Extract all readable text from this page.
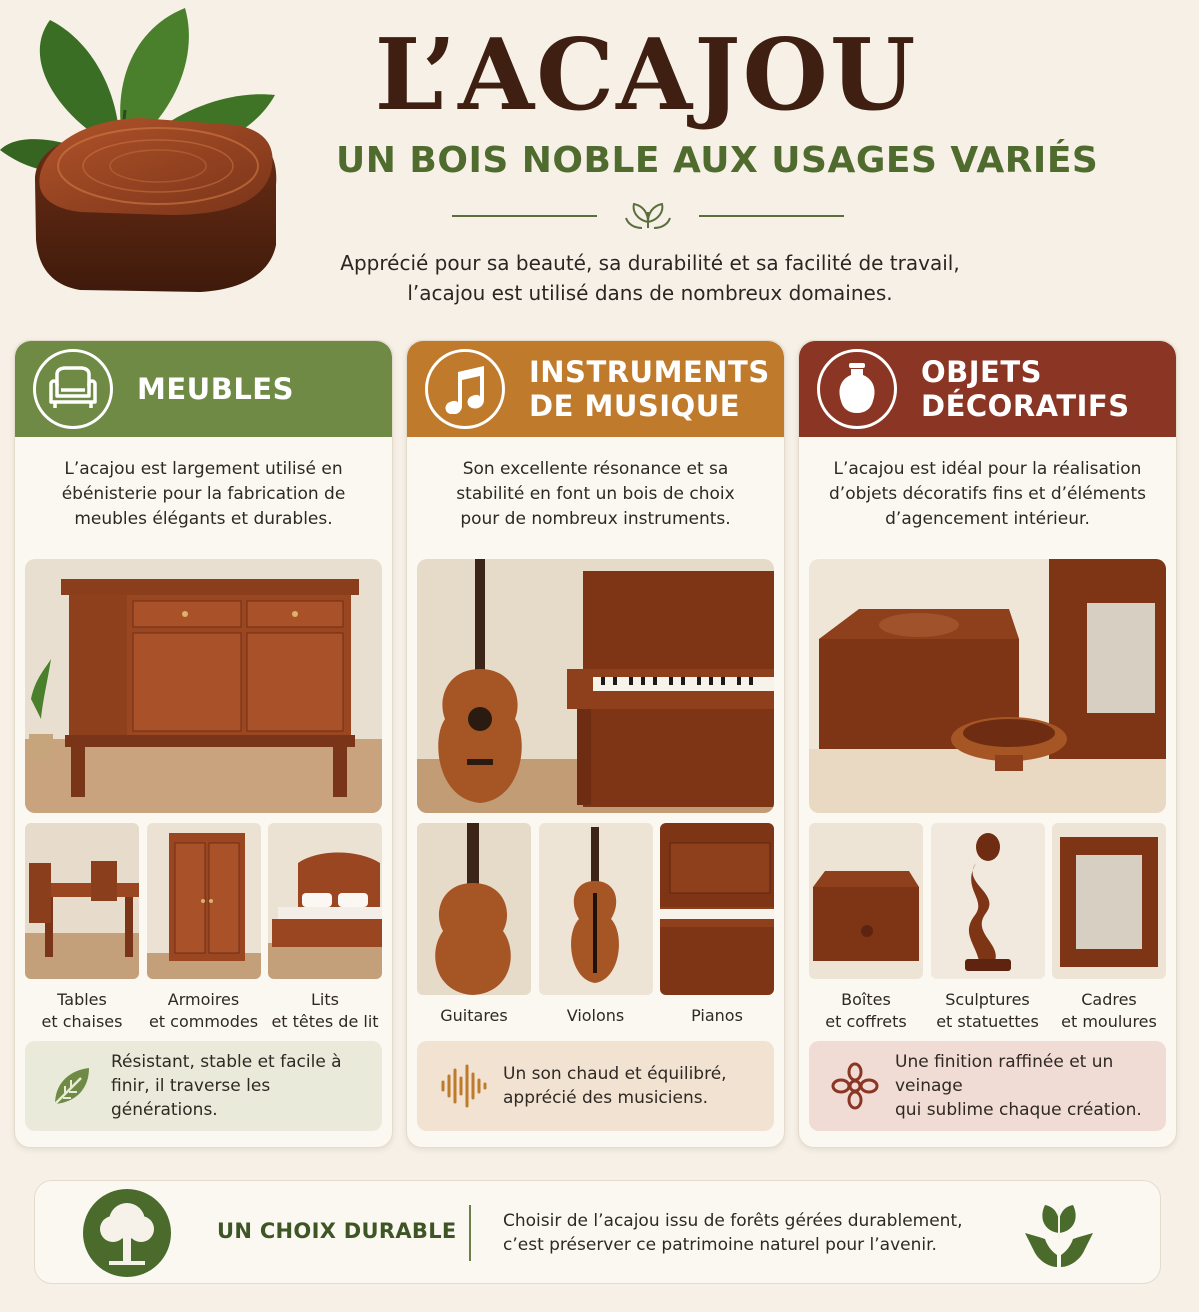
L’ACAJOU
UN BOIS NOBLE AUX USAGES VARIÉS
Apprécié pour sa beauté, sa durabilité et sa facilité de travail,
l’acajou est utilisé dans de nombreux domaines.
MEUBLES
L’acajou est largement utilisé en
ébénisterie pour la fabrication de
meubles élégants et durables.
Tables
et chaises
Armoires
et commodes
Lits
et têtes de lit
Résistant, stable et facile à
finir, il traverse les générations.
INSTRUMENTS
DE MUSIQUE
Son excellente résonance et sa
stabilité en font un bois de choix
pour de nombreux instruments.
Guitares	Violons	Pianos
Un son chaud et équilibré,
apprécié des musiciens.
OBJETS
DÉCORATIFS
L’acajou est idéal pour la réalisation
d’objets décoratifs fins et d’éléments
d’agencement intérieur.
Boîtes
et coffrets
Sculptures
et statuettes
Cadres
et moulures
Une finition raffinée et un veinage
qui sublime chaque création.
UN CHOIX DURABLE	Choisir de l’acajou issu de forêts gérées durablement,
c’est préserver ce patrimoine naturel pour l’avenir.
